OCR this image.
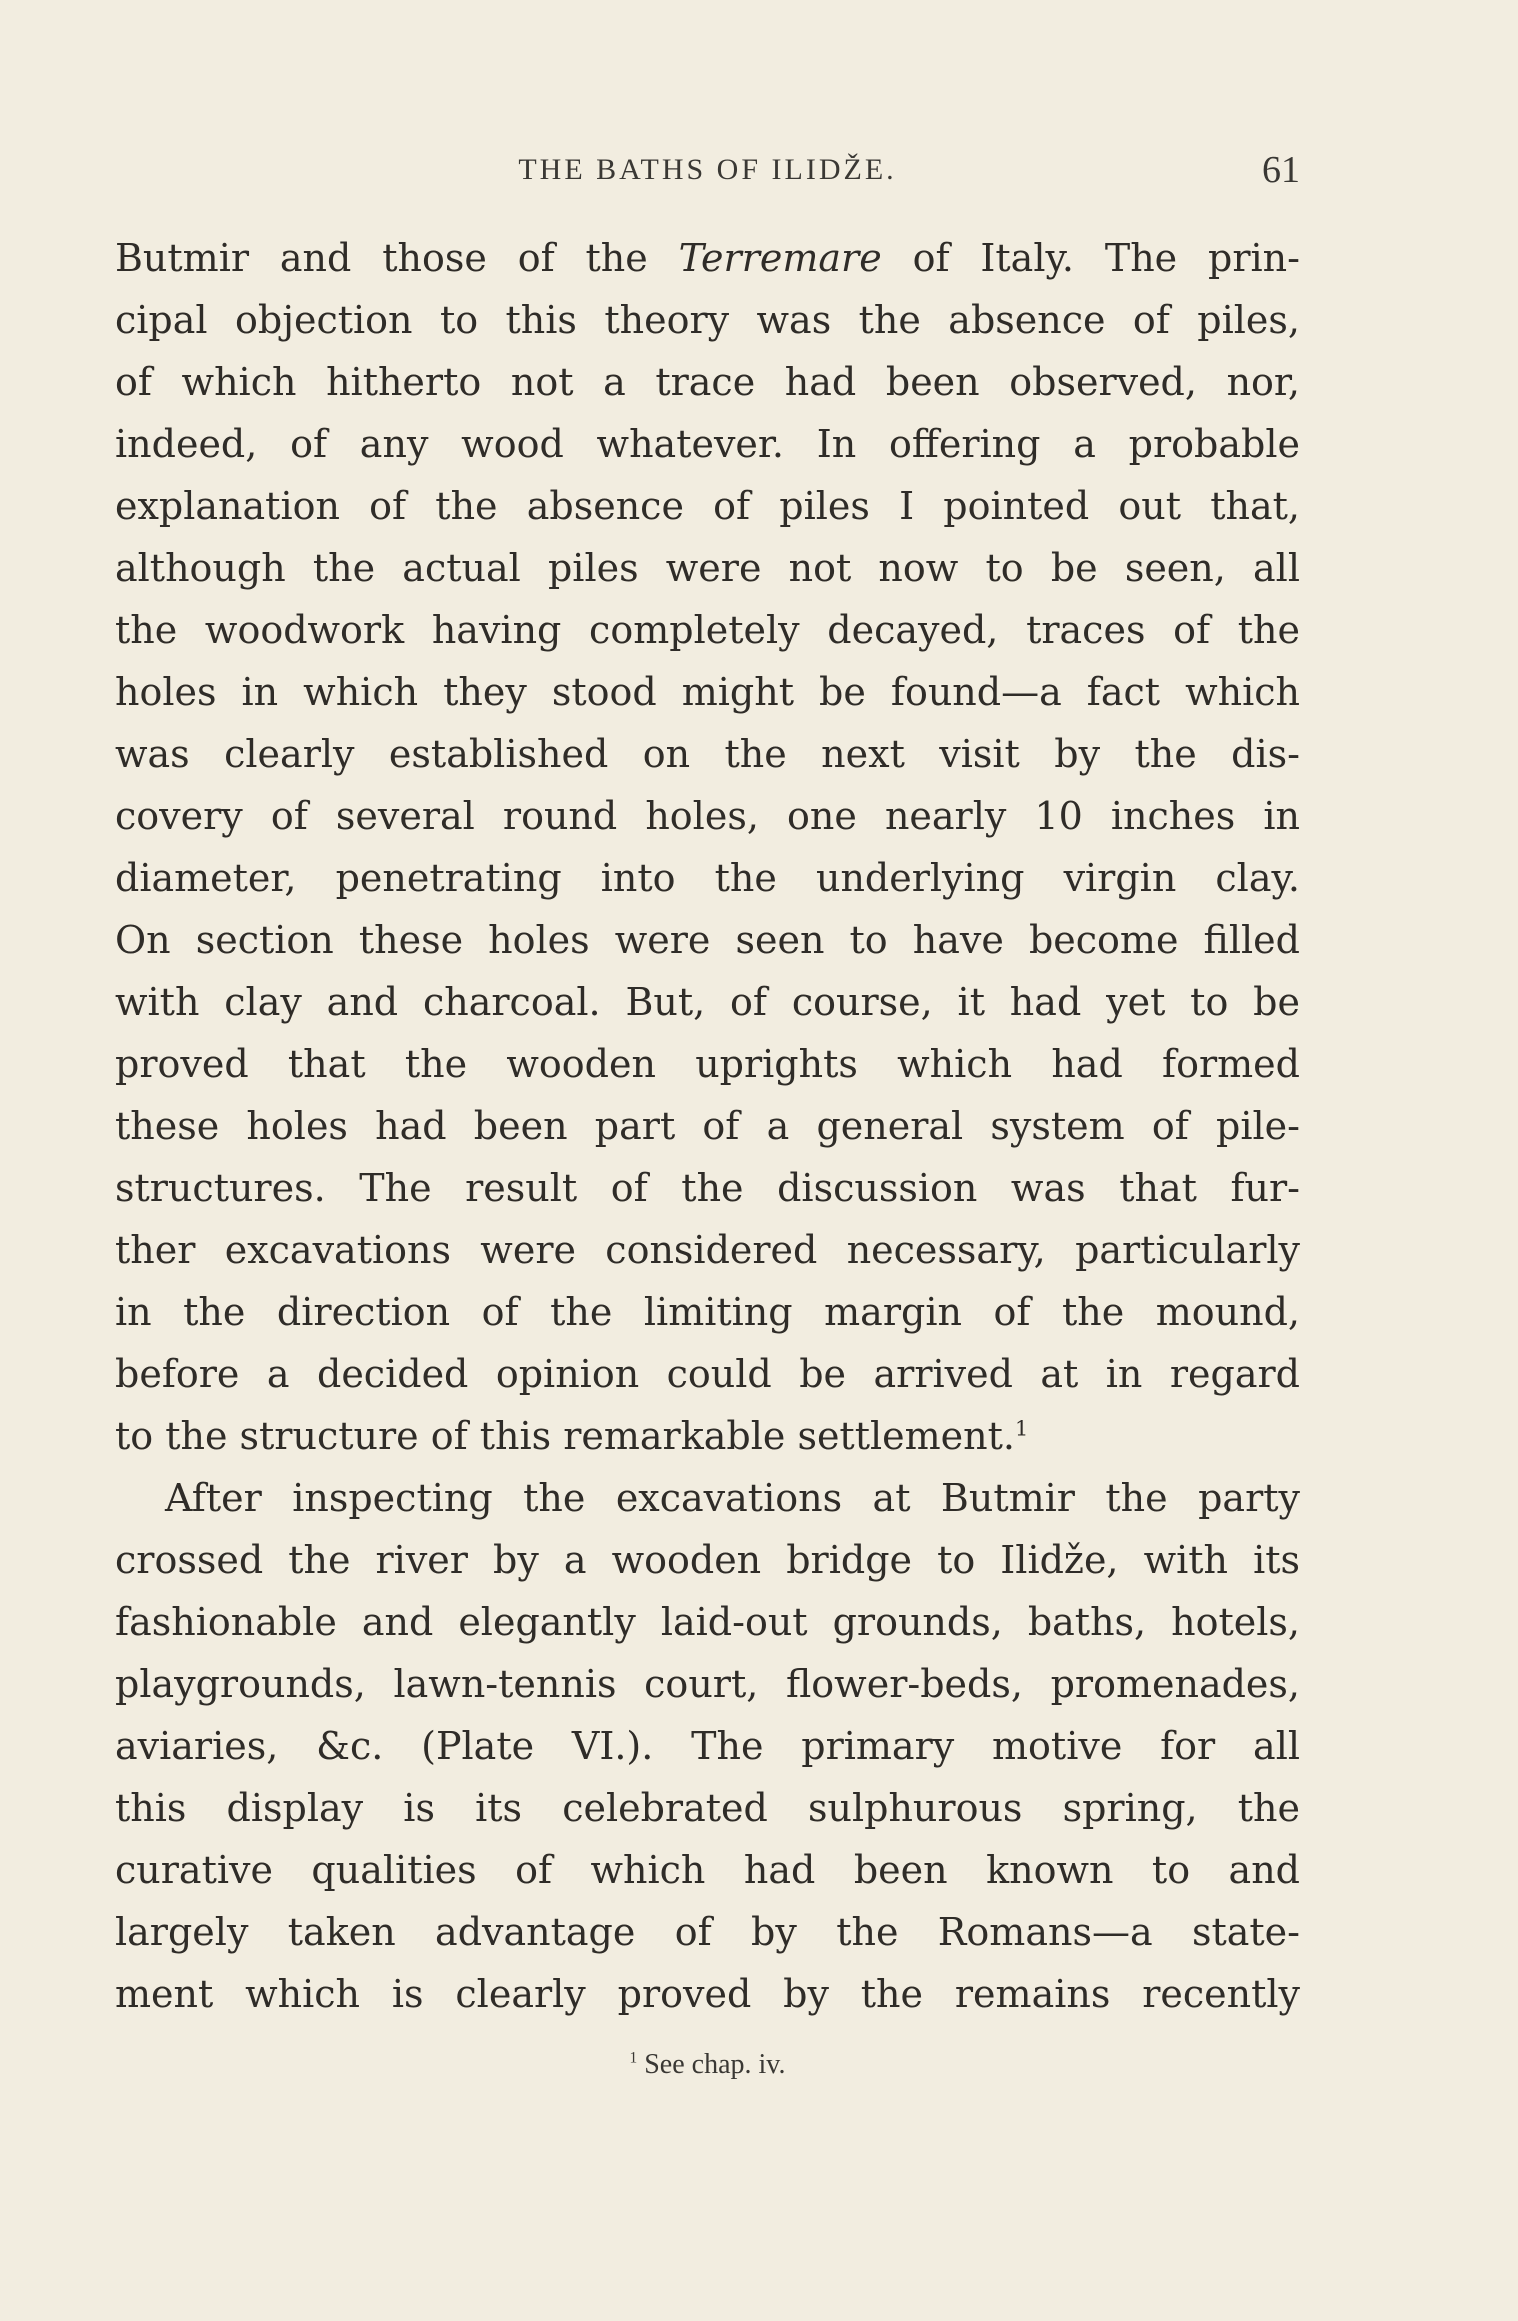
THE BATHS OF ILIDŽE.	61
Butmir and those of the Terremare of Italy. The prin-
cipal objection to this theory was the absence of piles,
of which hitherto not a trace had been observed, nor,
indeed, of any wood whatever. In offering a probable
explanation of the absence of piles I pointed out that,
although the actual piles were not now to be seen, all
the woodwork having completely decayed, traces of the
holes in which they stood might be found—a fact which
was clearly established on the next visit by the dis-
covery of several round holes, one nearly 10 inches in
diameter, penetrating into the underlying virgin clay.
On section these holes were seen to have become filled
with clay and charcoal. But, of course, it had yet to be
proved that the wooden uprights which had formed
these holes had been part of a general system of pile-
structures. The result of the discussion was that fur-
ther excavations were considered necessary, particularly
in the direction of the limiting margin of the mound,
before a decided opinion could be arrived at in regard
to the structure of this remarkable settlement.$^1$
After inspecting the excavations at Butmir the party
crossed the river by a wooden bridge to Ilidže, with its
fashionable and elegantly laid-out grounds, baths, hotels,
playgrounds, lawn-tennis court, flower-beds, promenades,
aviaries, &c. (Plate VI.). The primary motive for all
this display is its celebrated sulphurous spring, the
curative qualities of which had been known to and
largely taken advantage of by the Romans—a state-
ment which is clearly proved by the remains recently
$^1$ See chap. iv.
